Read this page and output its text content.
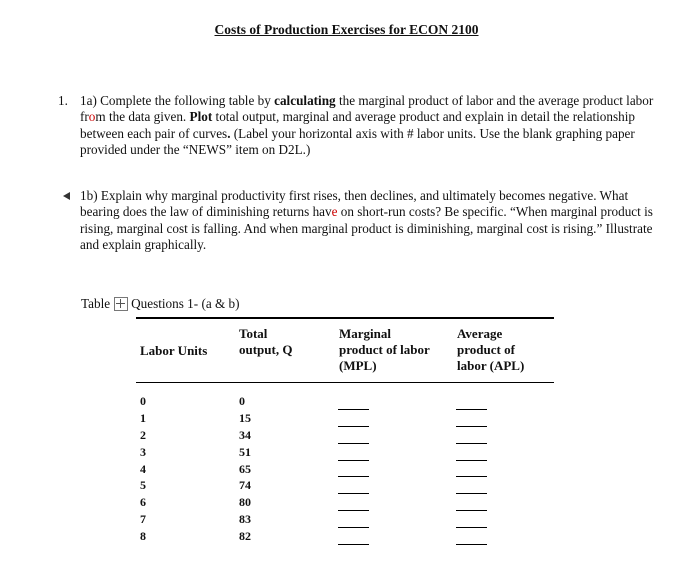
Costs of Production Exercises for ECON 2100
1. 1a) Complete the following table by calculating the marginal product of labor and the average product labor from the data given. Plot total output, marginal and average product and explain in detail the relationship between each pair of curves. (Label your horizontal axis with # labor units. Use the blank graphing paper provided under the “NEWS” item on D2L.)
1b) Explain why marginal productivity first rises, then declines, and ultimately becomes negative. What bearing does the law of diminishing returns have on short-run costs? Be specific. “When marginal product is rising, marginal cost is falling. And when marginal product is diminishing, marginal cost is rising.” Illustrate and explain graphically.
Table Questions 1- (a & b)
Labor Units
Total
output, Q
Marginal
product of labor
(MPL)
Average
product of
labor (APL)
0
1
2
3
4
5
6
7
8
0
15
34
51
65
74
80
83
82
